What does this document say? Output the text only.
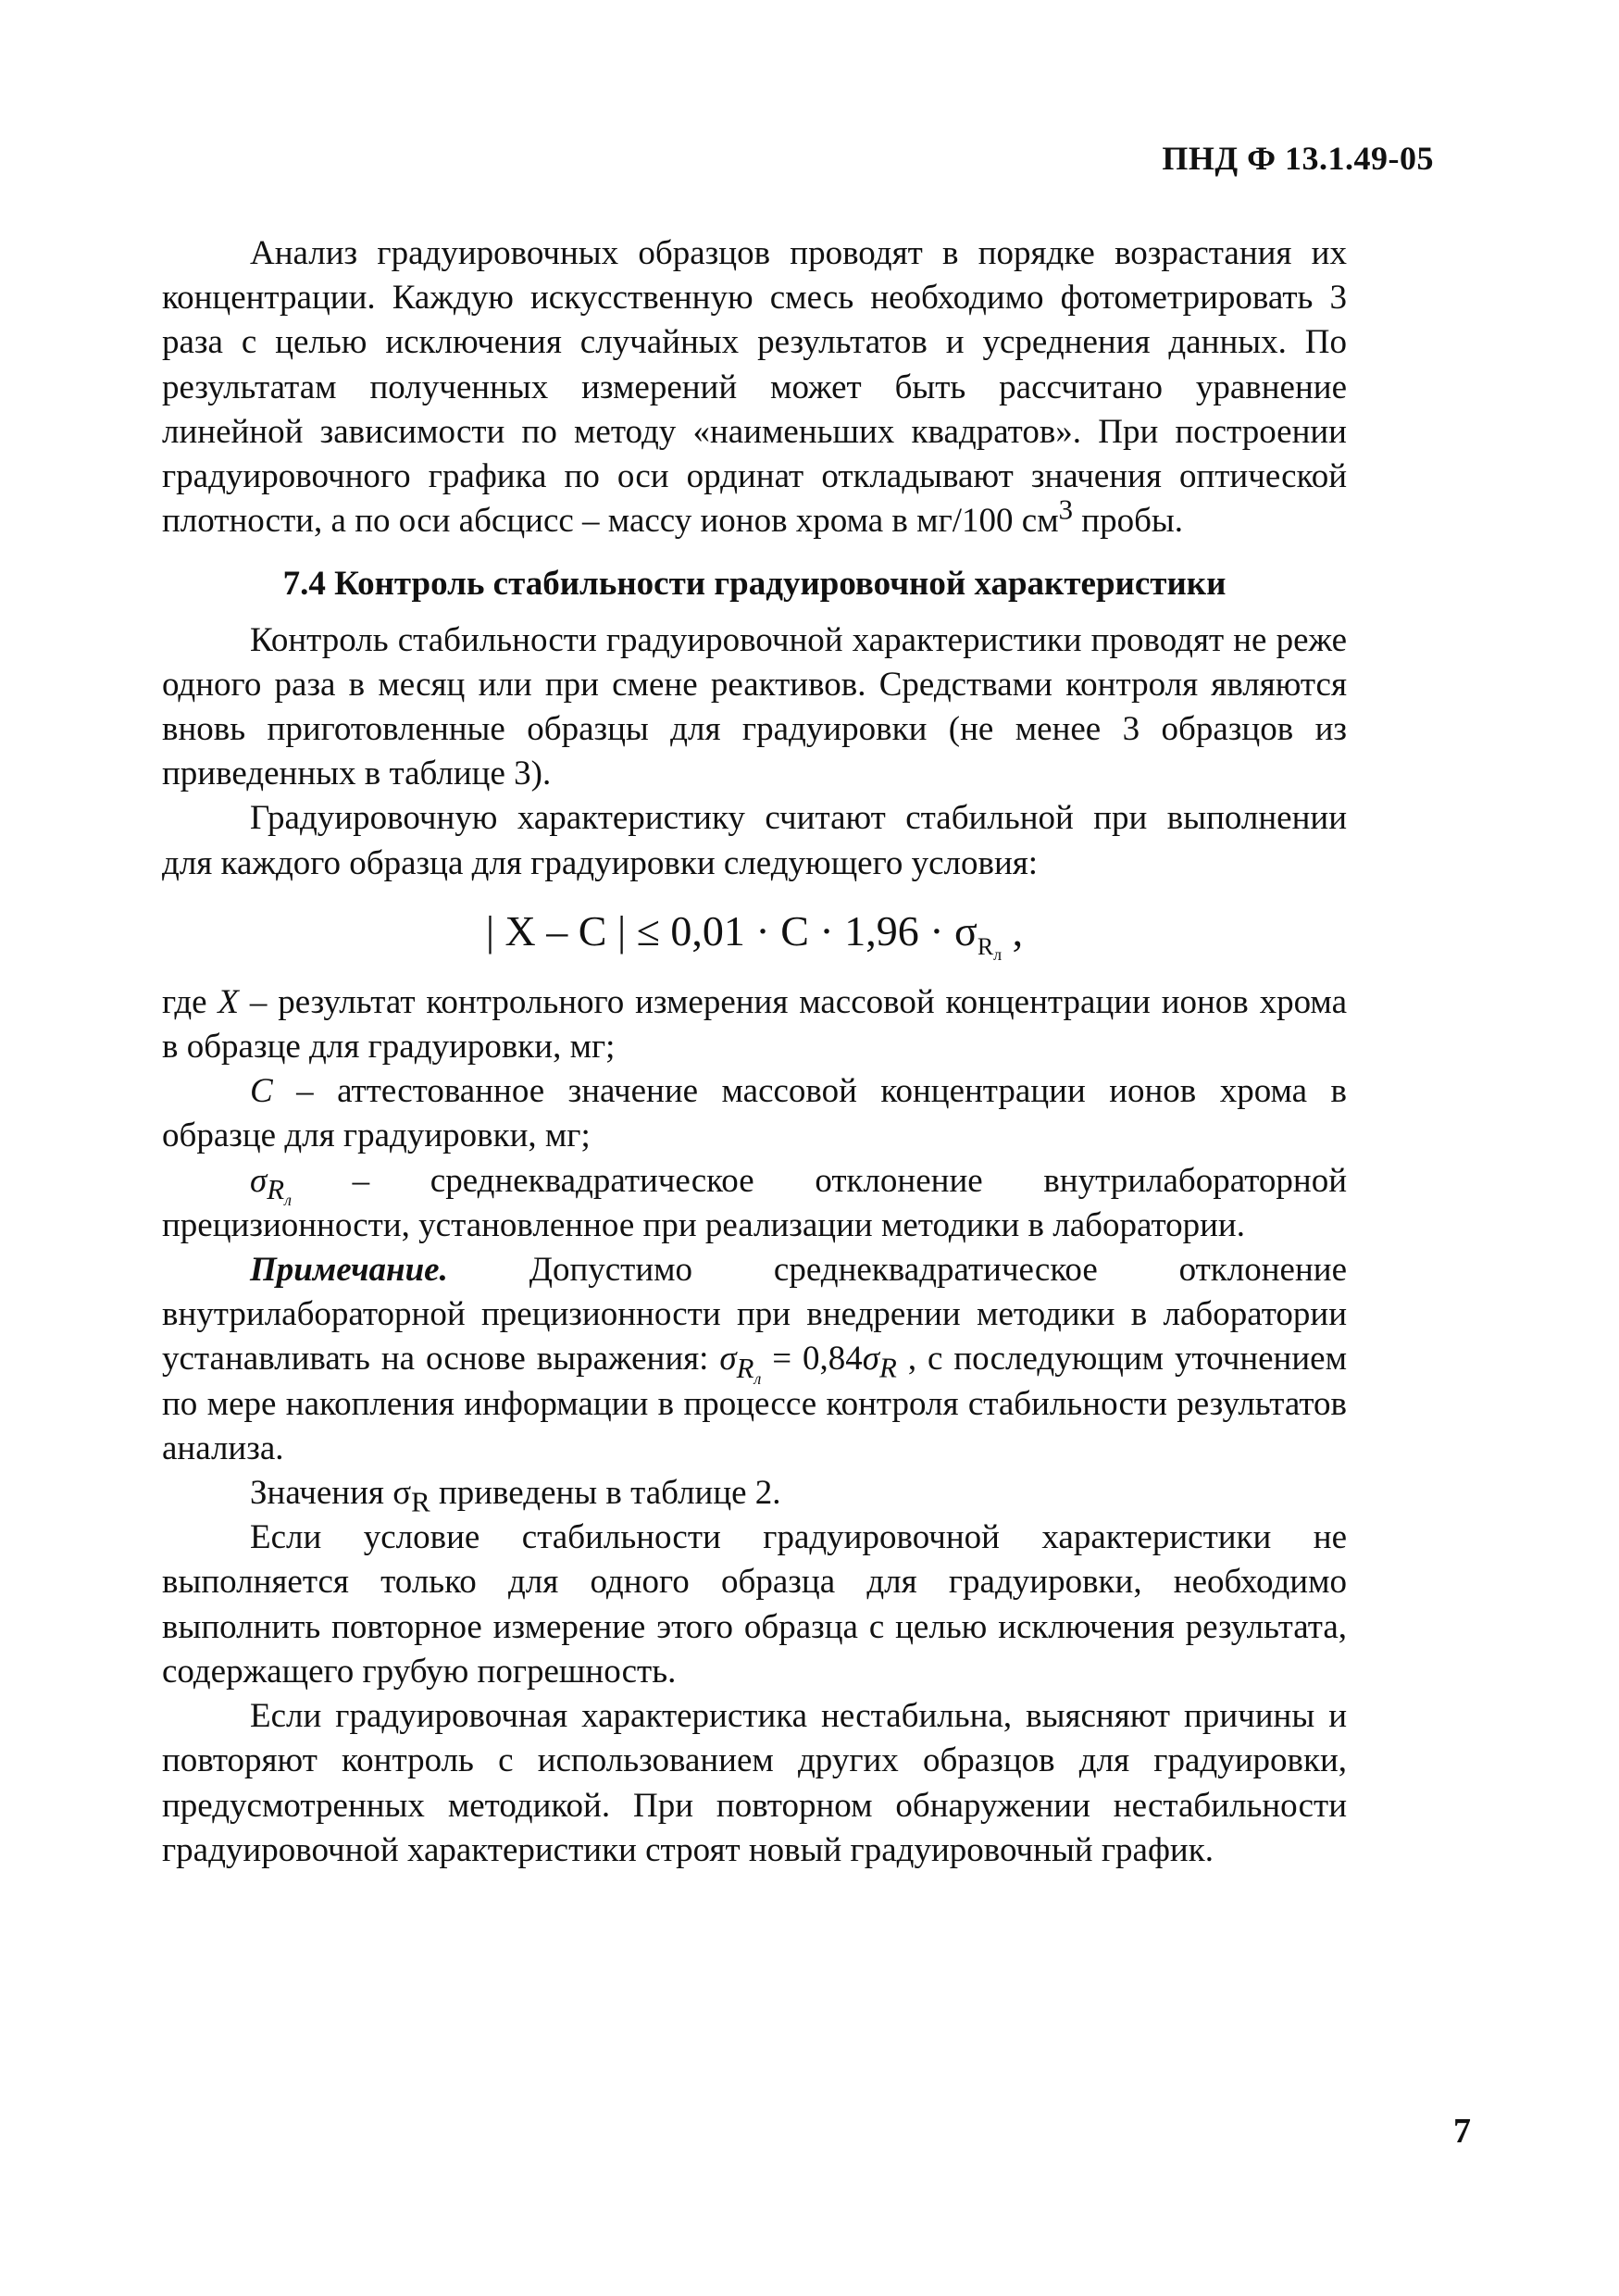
ПНД Ф 13.1.49-05

Анализ градуировочных образцов проводят в порядке возрастания их концентрации. Каждую искусственную смесь необходимо фотометрировать 3 раза с целью исключения случайных результатов и усреднения данных. По результатам полученных измерений может быть рассчитано уравнение линейной зависимости по методу «наименьших квадратов». При построении градуировочного графика по оси ординат откладывают значения оптической плотности, а по оси абсцисс – массу ионов хрома в мг/100 $см^3$ пробы.

7.4 Контроль стабильности градуировочной характеристики

Контроль стабильности градуировочной характеристики проводят не реже одного раза в месяц или при смене реактивов. Средствами контроля являются вновь приготовленные образцы для градуировки (не менее 3 образцов из приведенных в таблице 3).

Градуировочную характеристику считают стабильной при выполнении для каждого образца для градуировки следующего условия:

| X – C | ≤ $0,01 \cdot C \cdot 1,96 \cdot \sigma_{R_л}$ ,

где X – результат контрольного измерения массовой концентрации ионов хрома в образце для градуировки, мг;

C – аттестованное значение массовой концентрации ионов хрома в образце для градуировки, мг;

$\sigma_{R_л}$ – среднеквадратическое отклонение внутрилабораторной прецизионности, установленное при реализации методики в лаборатории.

Примечание. Допустимо среднеквадратическое отклонение внутрилабораторной прецизионности при внедрении методики в лаборатории устанавливать на основе выражения: $\sigma_{R_л} = 0,84\sigma_R$ , с последующим уточнением по мере накопления информации в процессе контроля стабильности результатов анализа.

Значения $\sigma_R$ приведены в таблице 2.

Если условие стабильности градуировочной характеристики не выполняется только для одного образца для градуировки, необходимо выполнить повторное измерение этого образца с целью исключения результата, содержащего грубую погрешность.

Если градуировочная характеристика нестабильна, выясняют причины и повторяют контроль с использованием других образцов для градуировки, предусмотренных методикой. При повторном обнаружении нестабильности градуировочной характеристики строят новый градуировочный график.

7
